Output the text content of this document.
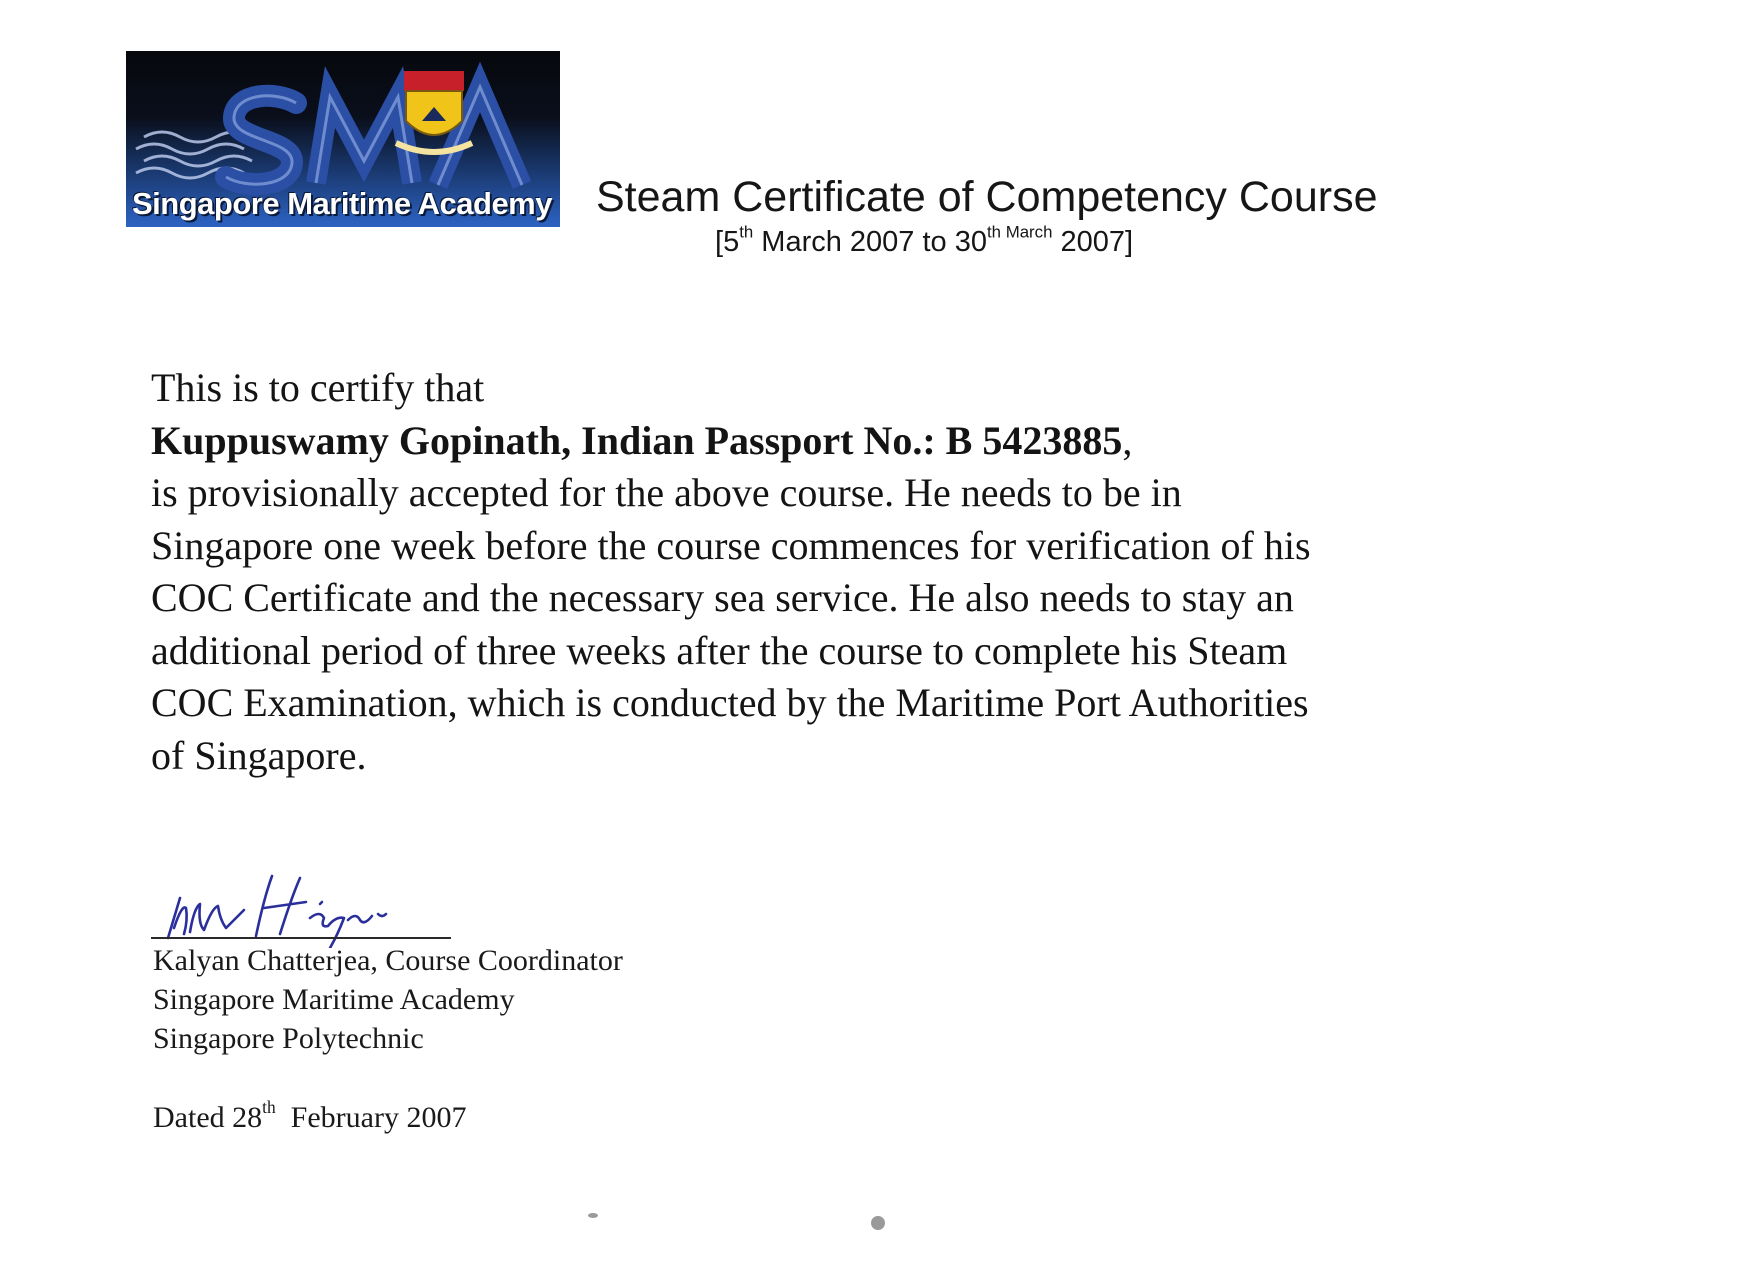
Singapore Maritime Academy Steam Certificate of Competency Course
[5th March 2007 to 30th $^{March}$ 2007]
This is to certify that
Kuppuswamy Gopinath, Indian Passport No.: B 5423885,
is provisionally accepted for the above course. He needs to be in
Singapore one week before the course commences for verification of his
COC Certificate and the necessary sea service. He also needs to stay an
additional period of three weeks after the course to complete his Steam
COC Examination, which is conducted by the Maritime Port Authorities
of Singapore.
Kalyan Chatterjea, Course Coordinator
Singapore Maritime Academy
Singapore Polytechnic
Dated 28th  February 2007
